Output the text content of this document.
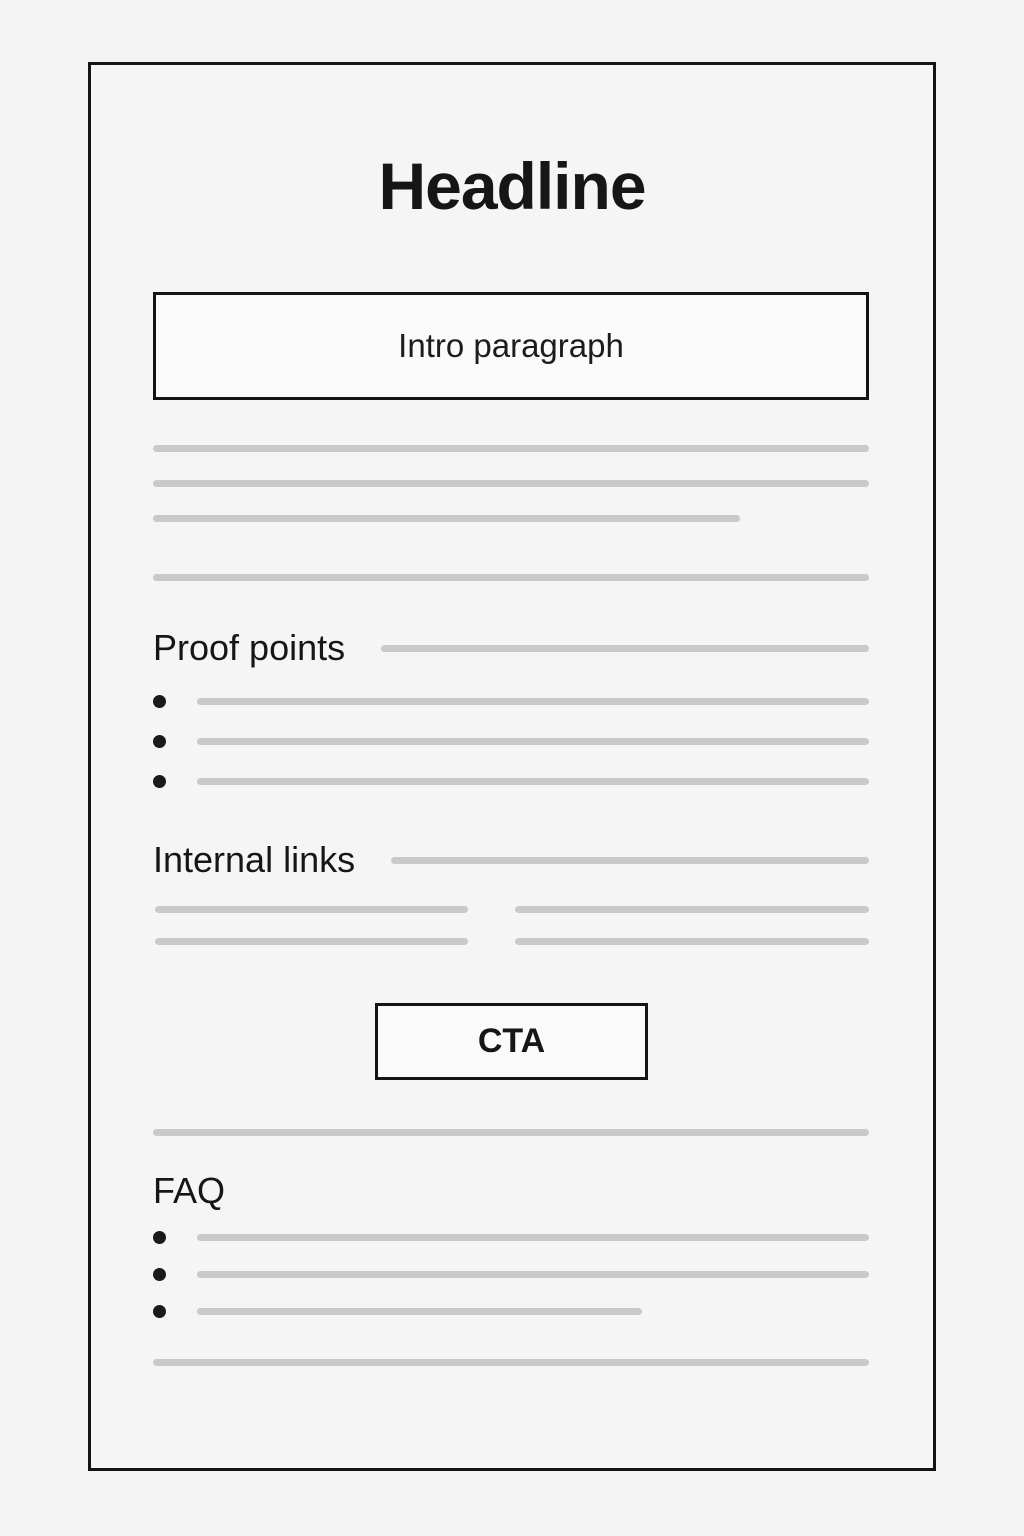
Headline
Intro paragraph
Proof points
Internal links
CTA
FAQ
